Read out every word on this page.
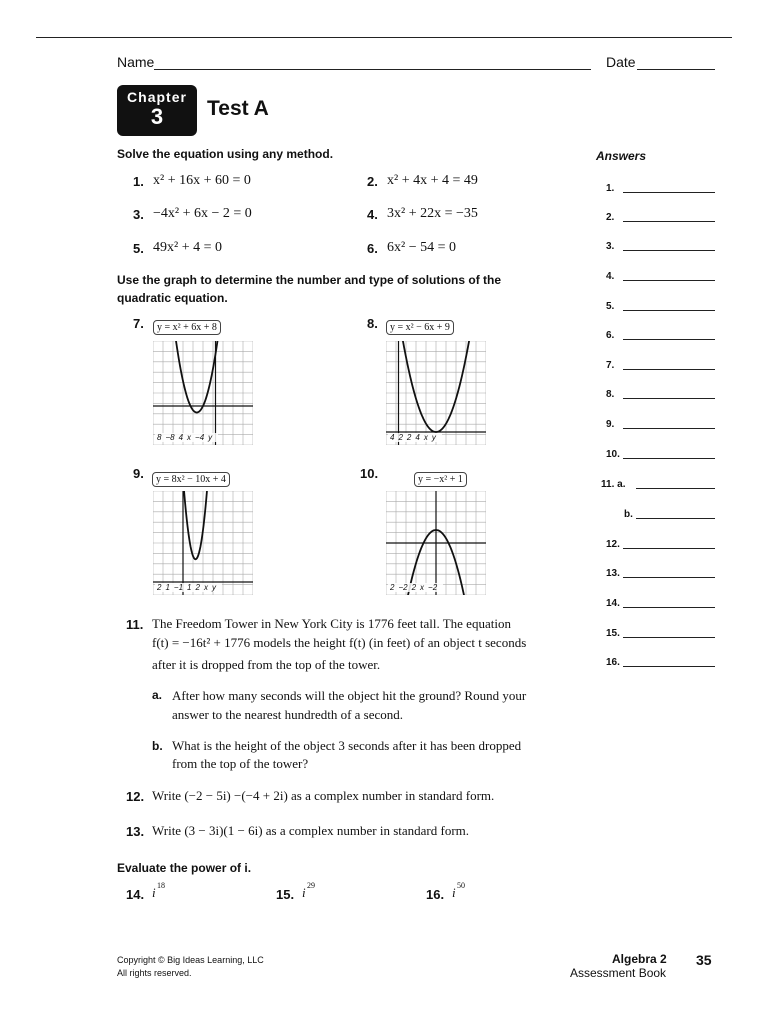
Name	Date
Chapter
3	Test A
Solve the equation using any method.
1. x² + 16x + 60 = 0	2. x² + 4x + 4 = 49
3. −4x² + 6x − 2 = 0	4. 3x² + 22x = −35
5. 49x² + 4 = 0	6. 6x² − 54 = 0
Use the graph to determine the number and type of solutions of the
quadratic equation.
7.
8 −8 4 x −4 y
y = x² + 6x + 8	8.
4 2 2 4 x y
y = x² − 6x + 9
9.
2 1 −1 1 2 x y
y = 8x² − 10x + 4	10.
2 −2 2 x −2
y = −x² + 1
11. The Freedom Tower in New York City is 1776 feet tall. The equation
f(t) = −16t² + 1776 models the height f(t) (in feet) of an object t seconds
after it is dropped from the top of the tower.
a. After how many seconds will the object hit the ground? Round your
answer to the nearest hundredth of a second.
b. What is the height of the object 3 seconds after it has been dropped
from the top of the tower?
12. Write (−2 − 5i) −(−4 + 2i) as a complex number in standard form.
13. Write (3 − 3i)(1 − 6i) as a complex number in standard form.
Evaluate the power of i.
14. i 18
15. i 29
16. i 50
Answers
1.
2.
3.
4.
5.
6.
7.
8.
9.
10.
11. a.
b.
12.
13.
14.
15.
16.
Copyright © Big Ideas Learning, LLC
All rights reserved.
Algebra 2
Assessment Book
35
